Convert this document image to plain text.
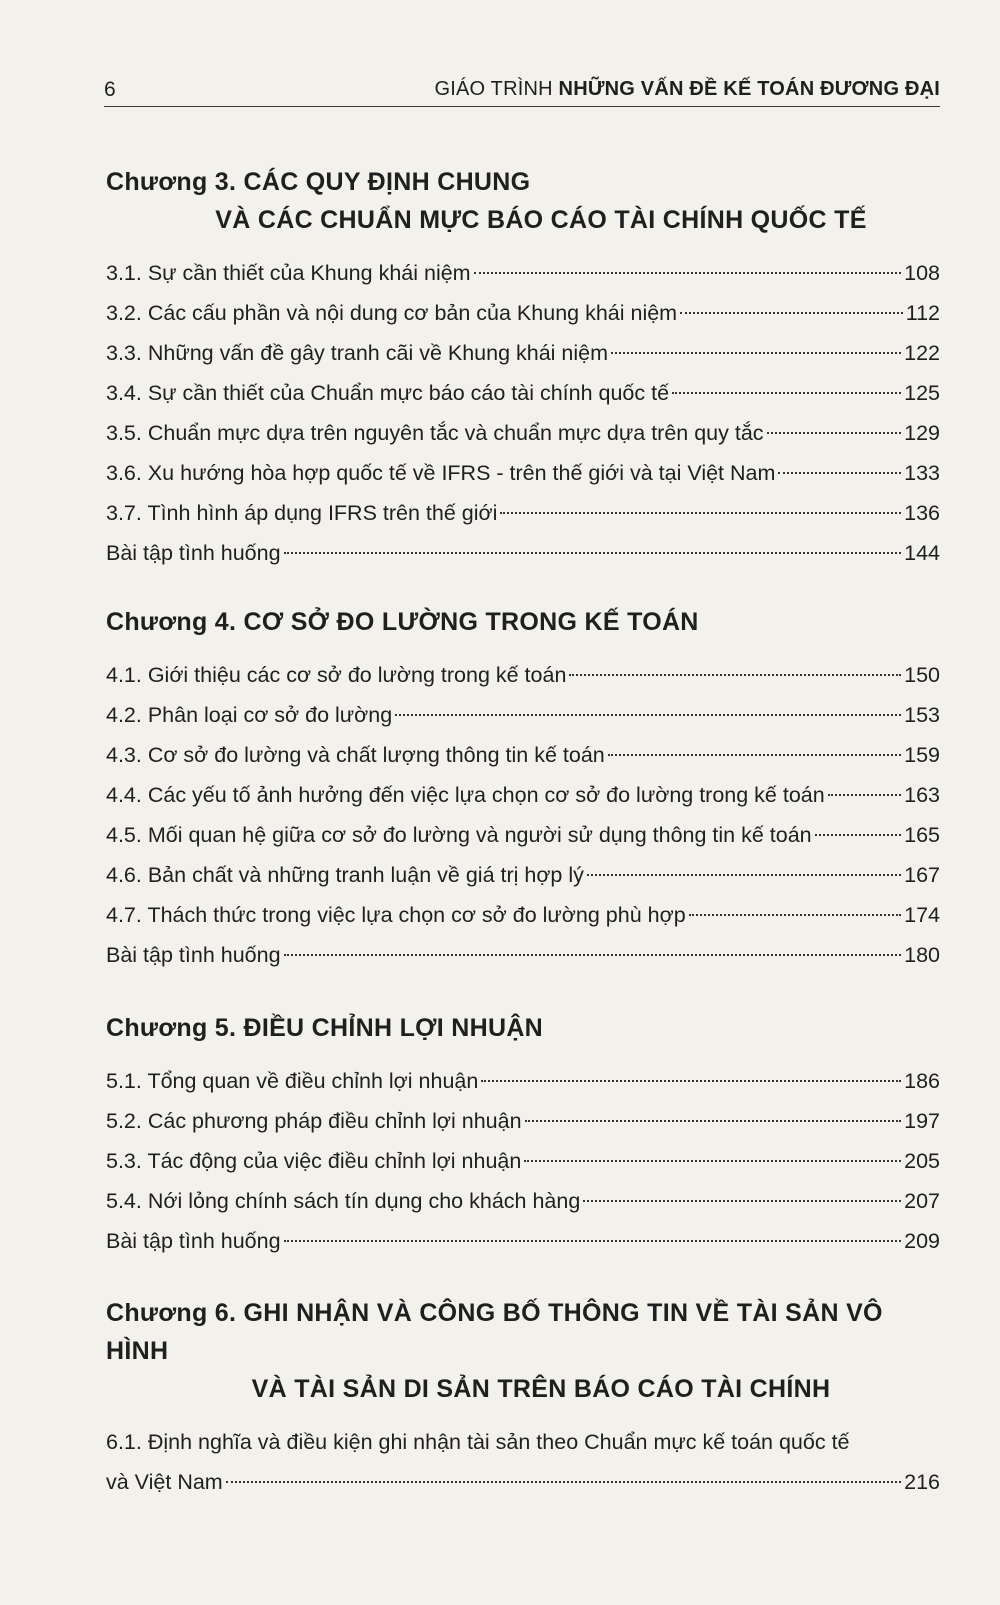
6	GIÁO TRÌNH NHỮNG VẤN ĐỀ KẾ TOÁN ĐƯƠNG ĐẠI
Chương 3. CÁC QUY ĐỊNH CHUNG
VÀ CÁC CHUẨN MỰC BÁO CÁO TÀI CHÍNH QUỐC TẾ
3.1. Sự cần thiết của Khung khái niệm	108
3.2. Các cấu phần và nội dung cơ bản của Khung khái niệm	112
3.3. Những vấn đề gây tranh cãi về Khung khái niệm	122
3.4. Sự cần thiết của Chuẩn mực báo cáo tài chính quốc tế	125
3.5. Chuẩn mực dựa trên nguyên tắc và chuẩn mực dựa trên quy tắc	129
3.6. Xu hướng hòa hợp quốc tế về IFRS - trên thế giới và tại Việt Nam	133
3.7. Tình hình áp dụng IFRS trên thế giới	136
Bài tập tình huống	144
Chương 4. CƠ SỞ ĐO LƯỜNG TRONG KẾ TOÁN
4.1. Giới thiệu các cơ sở đo lường trong kế toán	150
4.2. Phân loại cơ sở đo lường	153
4.3. Cơ sở đo lường và chất lượng thông tin kế toán	159
4.4. Các yếu tố ảnh hưởng đến việc lựa chọn cơ sở đo lường trong kế toán	163
4.5. Mối quan hệ giữa cơ sở đo lường và người sử dụng thông tin kế toán	165
4.6. Bản chất và những tranh luận về giá trị hợp lý	167
4.7. Thách thức trong việc lựa chọn cơ sở đo lường phù hợp	174
Bài tập tình huống	180
Chương 5. ĐIỀU CHỈNH LỢI NHUẬN
5.1. Tổng quan về điều chỉnh lợi nhuận	186
5.2. Các phương pháp điều chỉnh lợi nhuận	197
5.3. Tác động của việc điều chỉnh lợi nhuận	205
5.4. Nới lỏng chính sách tín dụng cho khách hàng	207
Bài tập tình huống	209
Chương 6. GHI NHẬN VÀ CÔNG BỐ THÔNG TIN VỀ TÀI SẢN VÔ HÌNH
VÀ TÀI SẢN DI SẢN TRÊN BÁO CÁO TÀI CHÍNH
6.1. Định nghĩa và điều kiện ghi nhận tài sản theo Chuẩn mực kế toán quốc tế
và Việt Nam	216
